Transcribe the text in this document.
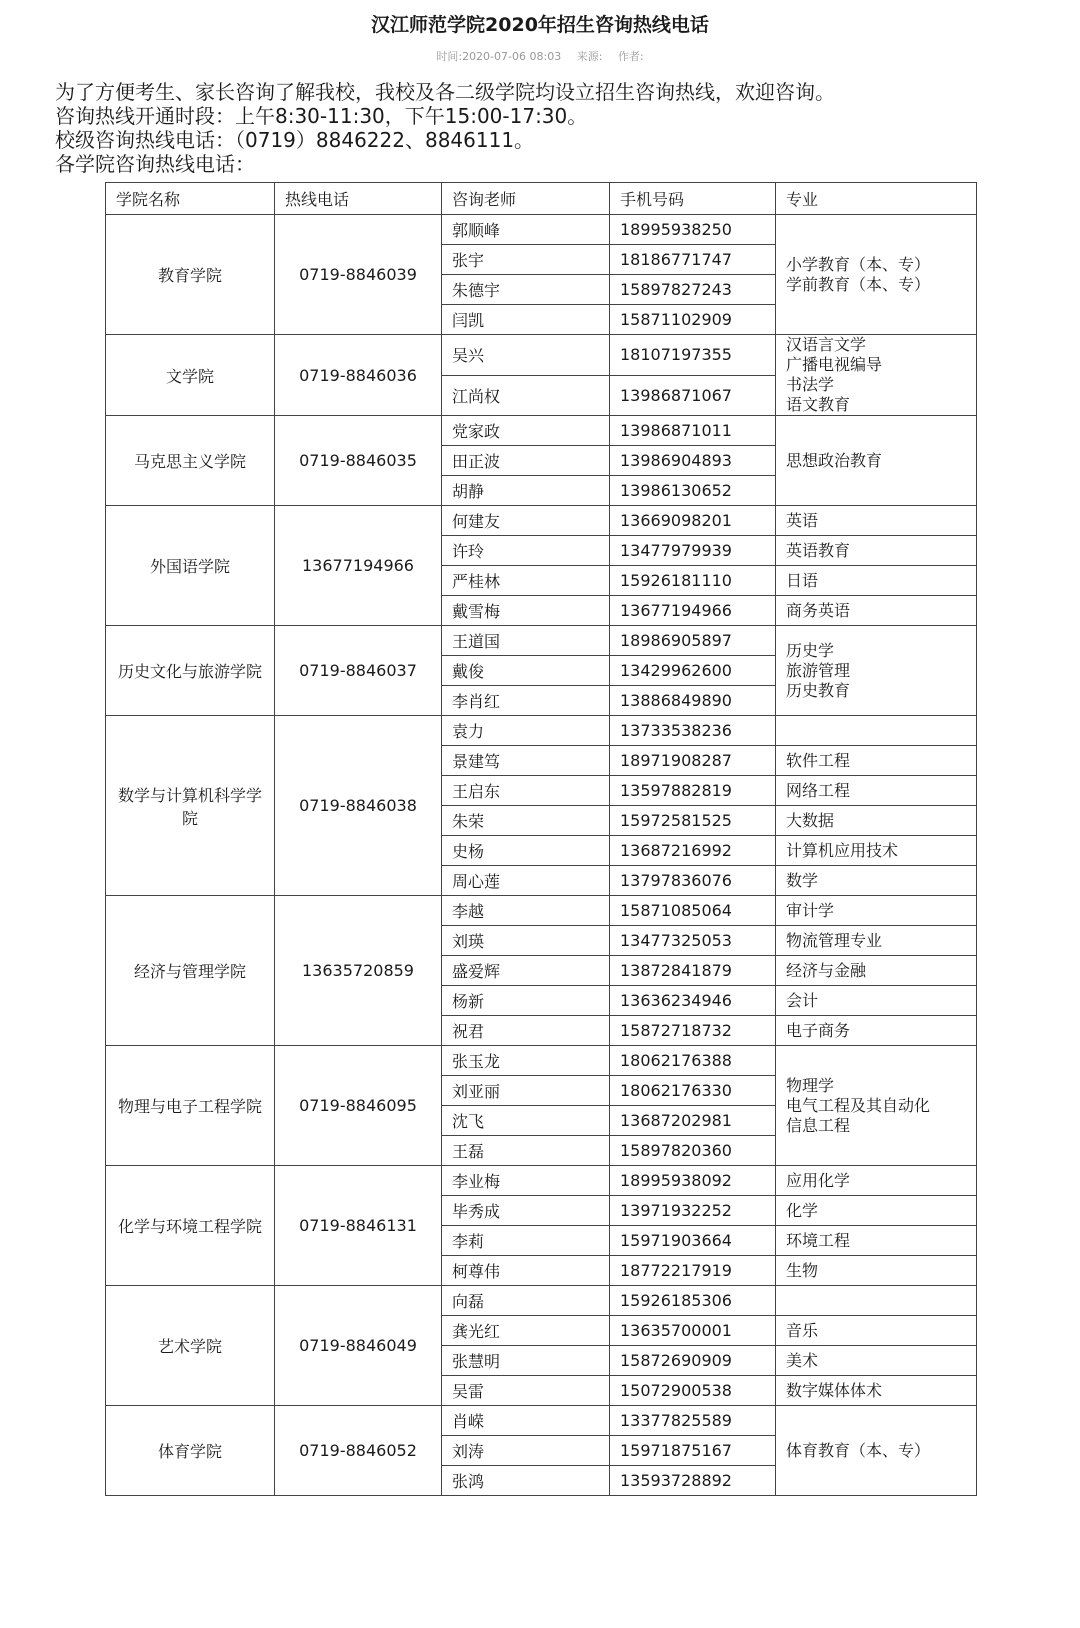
汉江师范学院2020年招生咨询热线电话
时间:2020-07-06 08:03 来源: 作者:
为了方便考生、家长咨询了解我校，我校及各二级学院均设立招生咨询热线，欢迎咨询。
咨询热线开通时段：上午8:30-11:30，下午15:00-17:30。
校级咨询热线电话：（0719）8846222、8846111。
各学院咨询热线电话：
学院名称	热线电话	咨询老师	手机号码	专业
教育学院	0719-8846039	郭顺峰	18995938250	小学教育（本、专）
学前教育（本、专）
		张宇	18186771747	
		朱德宇	15897827243	
		闫凯	15871102909	
文学院	0719-8846036	吴兴	18107197355	汉语言文学
广播电视编导
书法学
语文教育
		江尚权	13986871067	
马克思主义学院	0719-8846035	党家政	13986871011	思想政治教育
		田正波	13986904893	
		胡静	13986130652	
外国语学院	13677194966	何建友	13669098201	英语
		许玲	13477979939	英语教育
		严桂林	15926181110	日语
		戴雪梅	13677194966	商务英语
历史文化与旅游学院	0719-8846037	王道国	18986905897	历史学
旅游管理
历史教育
		戴俊	13429962600	
		李肖红	13886849890	
数学与计算机科学学院	0719-8846038	袁力	13733538236	
		景建笃	18971908287	软件工程
		王启东	13597882819	网络工程
		朱荣	15972581525	大数据
		史杨	13687216992	计算机应用技术
		周心莲	13797836076	数学
经济与管理学院	13635720859	李越	15871085064	审计学
		刘瑛	13477325053	物流管理专业
		盛爱辉	13872841879	经济与金融
		杨新	13636234946	会计
		祝君	15872718732	电子商务
物理与电子工程学院	0719-8846095	张玉龙	18062176388	物理学
电气工程及其自动化
信息工程
		刘亚丽	18062176330	
		沈飞	13687202981	
		王磊	15897820360	
化学与环境工程学院	0719-8846131	李业梅	18995938092	应用化学
		毕秀成	13971932252	化学
		李莉	15971903664	环境工程
		柯尊伟	18772217919	生物
艺术学院	0719-8846049	向磊	15926185306	
		龚光红	13635700001	音乐
		张慧明	15872690909	美术
		吴雷	15072900538	数字媒体体术
体育学院	0719-8846052	肖嵘	13377825589	体育教育（本、专）
		刘涛	15971875167	
		张鸿	13593728892	
